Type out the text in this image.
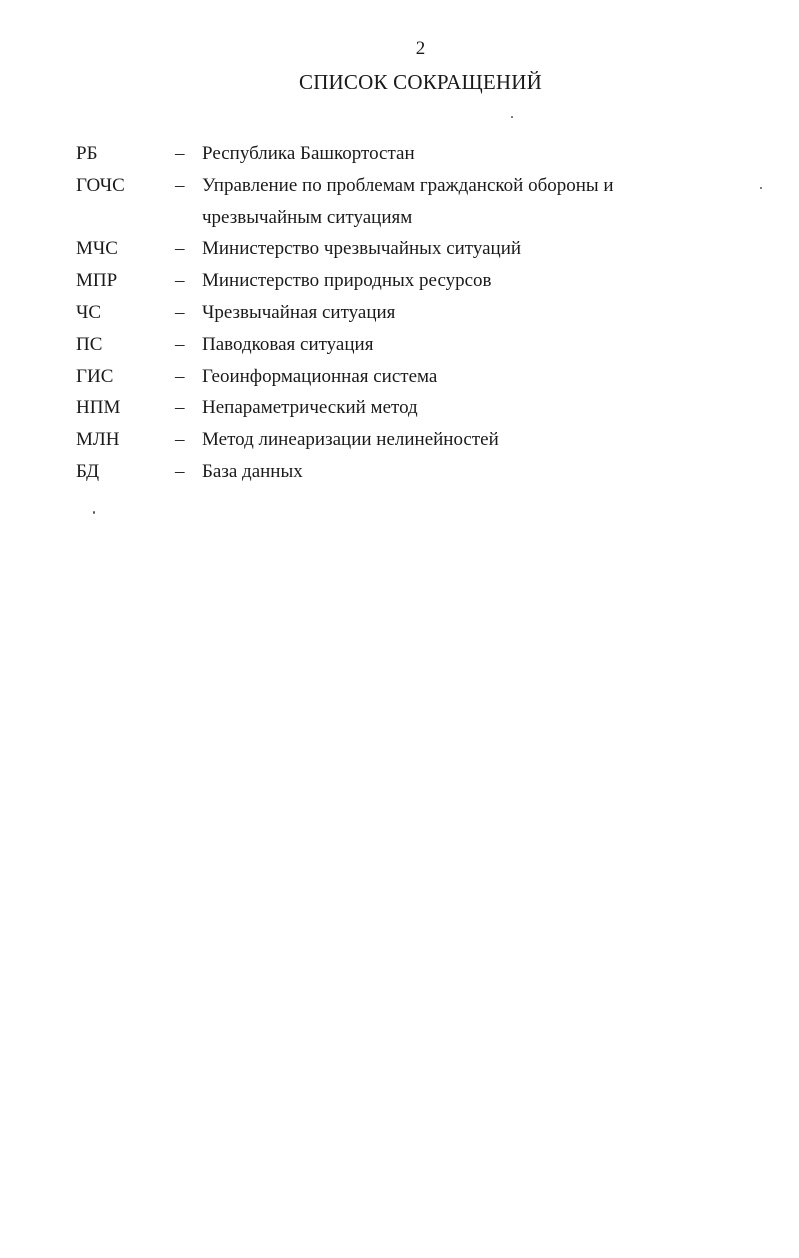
2
СПИСОК СОКРАЩЕНИЙ
РБ	– Республика Башкортостан
ГОЧС	– Управление по проблемам гражданской обороны и чрезвычайным ситуациям
МЧС	– Министерство чрезвычайных ситуаций
МПР	– Министерство природных ресурсов
ЧС	– Чрезвычайная ситуация
ПС	– Паводковая ситуация
ГИС	– Геоинформационная система
НПМ	– Непараметрический метод
МЛН	– Метод линеаризации нелинейностей
БД	– База данных
